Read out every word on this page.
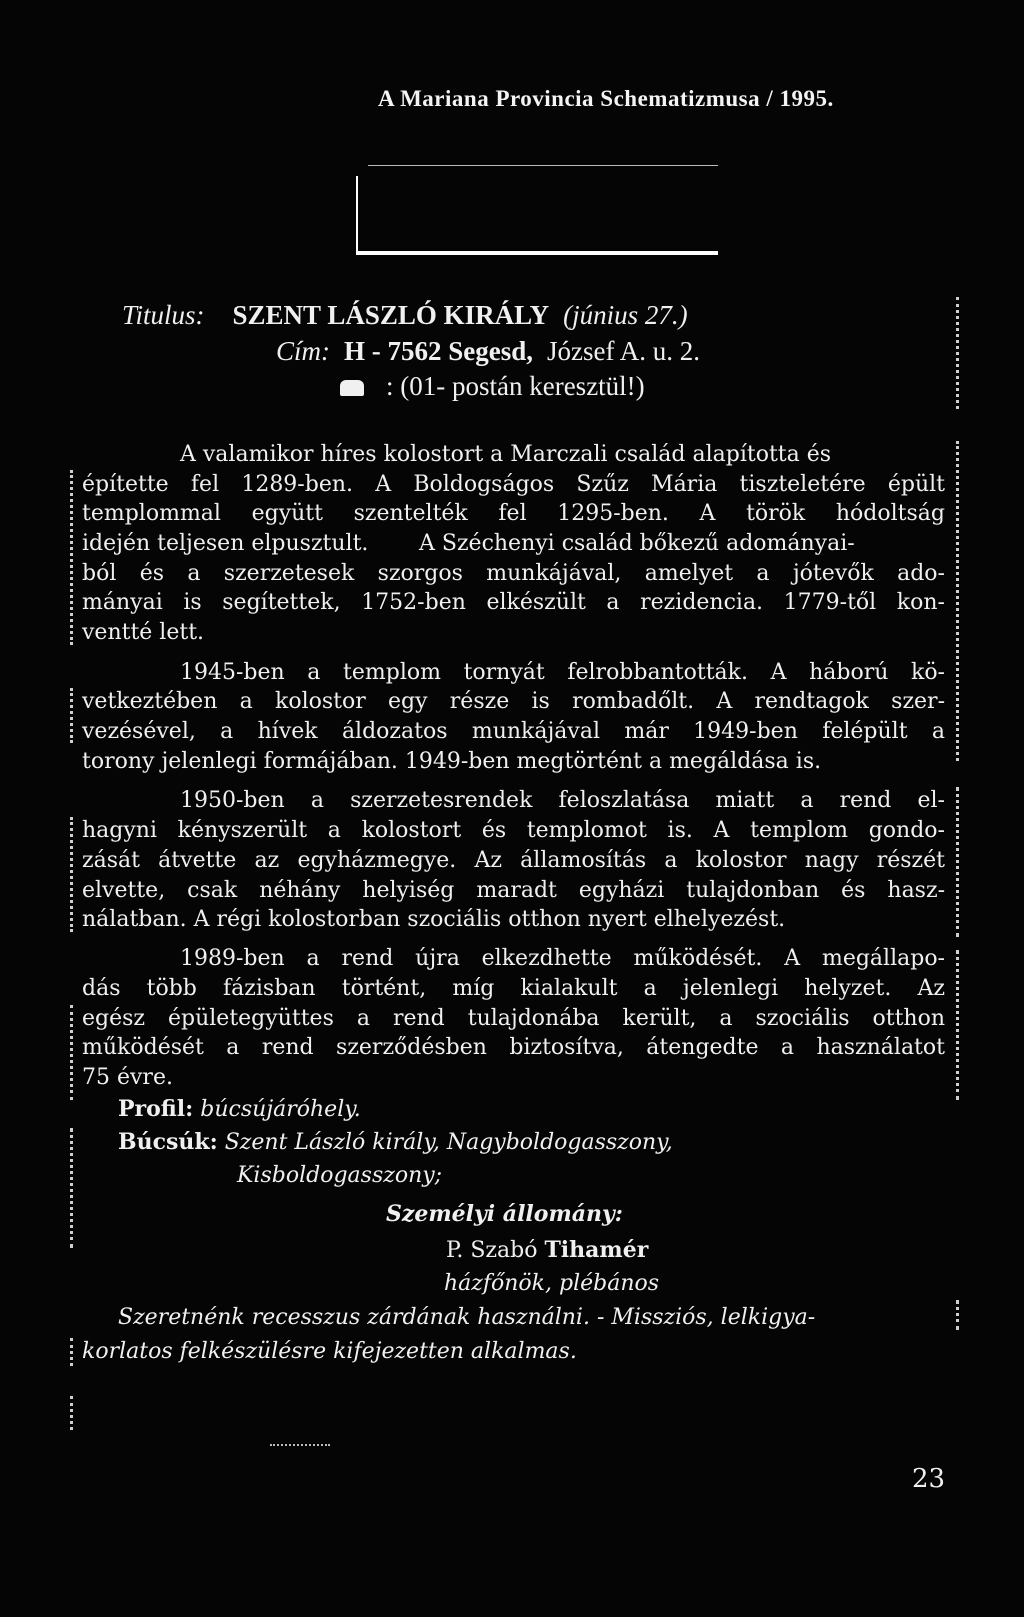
A Mariana Provincia Schematizmusa / 1995.
Titulus: SZENT LÁSZLÓ KIRÁLY (június 27.)
Cím: H - 7562 Segesd, József A. u. 2.
: (01- postán keresztül!)
A valamikor híres kolostort a Marczali család alapította és
építette fel 1289-ben. A Boldogságos Szűz Mária tiszteletére épült
templommal együtt szentelték fel 1295-ben. A török hódoltság
idején teljesen elpusztult. A Széchenyi család bőkezű adományai-
ból és a szerzetesek szorgos munkájával, amelyet a jótevők ado-
mányai is segítettek, 1752-ben elkészült a rezidencia. 1779-től kon-
ventté lett.
1945-ben a templom tornyát felrobbantották. A háború kö-
vetkeztében a kolostor egy része is rombadőlt. A rendtagok szer-
vezésével, a hívek áldozatos munkájával már 1949-ben felépült a
torony jelenlegi formájában. 1949-ben megtörtént a megáldása is.
1950-ben a szerzetesrendek feloszlatása miatt a rend el-
hagyni kényszerült a kolostort és templomot is. A templom gondo-
zását átvette az egyházmegye. Az államosítás a kolostor nagy részét
elvette, csak néhány helyiség maradt egyházi tulajdonban és hasz-
nálatban. A régi kolostorban szociális otthon nyert elhelyezést.
1989-ben a rend újra elkezdhette működését. A megállapo-
dás több fázisban történt, míg kialakult a jelenlegi helyzet. Az
egész épületegyüttes a rend tulajdonába került, a szociális otthon
működését a rend szerződésben biztosítva, átengedte a használatot
75 évre.
Profil: búcsújáróhely.
Búcsúk: Szent László király, Nagyboldogasszony,
Kisboldogasszony;
Személyi állomány:
P. Szabó Tihamér
házfőnök, plébános
Szeretnénk recesszus zárdának használni. - Missziós, lelkigya-
korlatos felkészülésre kifejezetten alkalmas.
23
